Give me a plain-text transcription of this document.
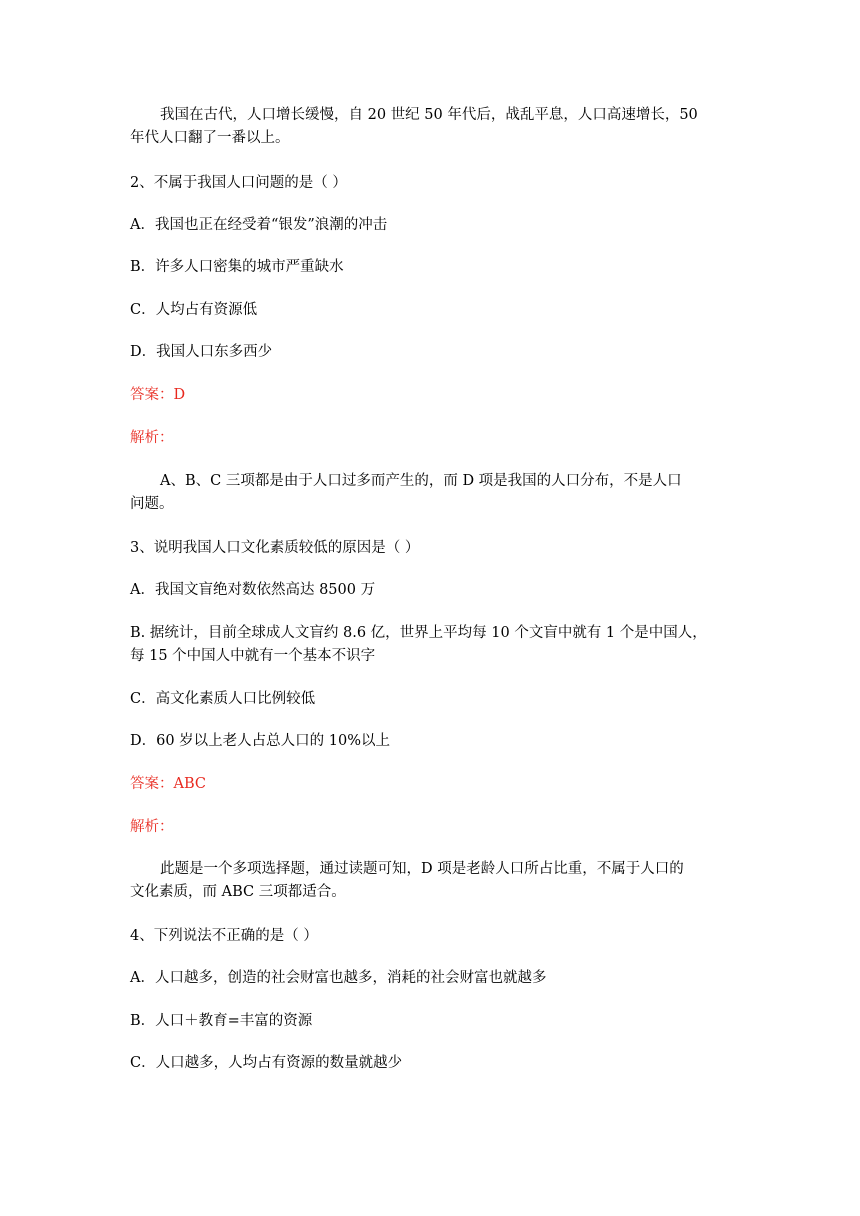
我国在古代，人口增长缓慢，自 20 世纪 50 年代后，战乱平息，人口高速增长，50
年代人口翻了一番以上。
2、不属于我国人口问题的是（ ）
A．我国也正在经受着“银发”浪潮的冲击
B．许多人口密集的城市严重缺水
C．人均占有资源低
D．我国人口东多西少
答案：D
解析：
A、B、C 三项都是由于人口过多而产生的，而 D 项是我国的人口分布，不是人口
问题。
3、说明我国人口文化素质较低的原因是（ ）
A．我国文盲绝对数依然高达 8500 万
B. 据统计，目前全球成人文盲约 8.6 亿，世界上平均每 10 个文盲中就有 1 个是中国人，
每 15 个中国人中就有一个基本不识字
C．高文化素质人口比例较低
D．60 岁以上老人占总人口的 10%以上
答案：ABC
解析：
此题是一个多项选择题，通过读题可知，D 项是老龄人口所占比重，不属于人口的
文化素质，而 ABC 三项都适合。
4、下列说法不正确的是（ ）
A．人口越多，创造的社会财富也越多，消耗的社会财富也就越多
B．人口＋教育=丰富的资源
C．人口越多，人均占有资源的数量就越少
